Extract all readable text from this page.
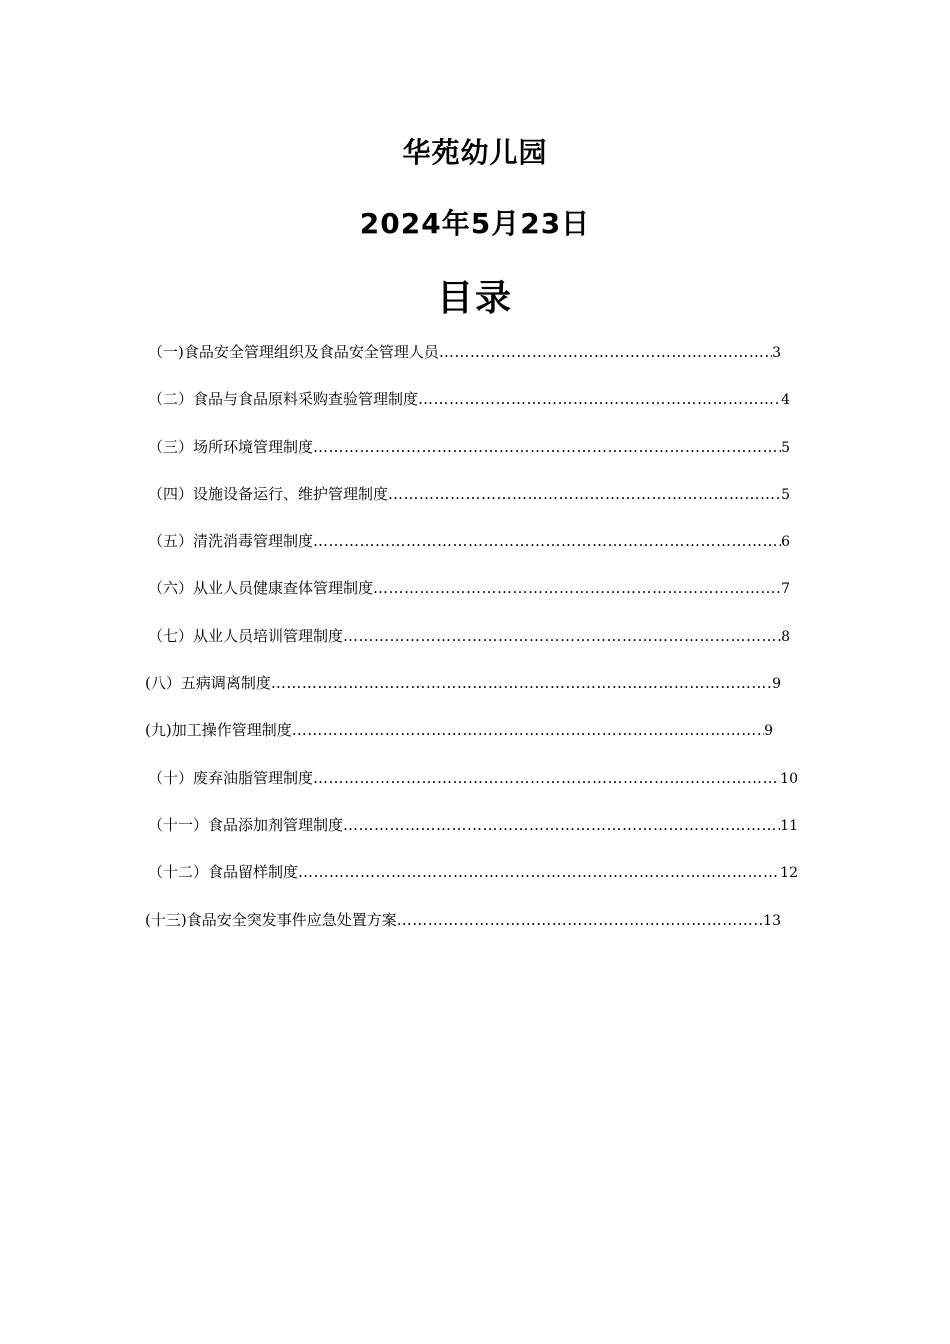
华苑幼儿园
2024年5月23日
目录
（一)食品安全管理组织及食品安全管理人员 …………………………………………………………………………………………………………………………………………………………………………………………………	3
（二）食品与食品原料采购查验管理制度 …………………………………………………………………………………………………………………………………………………………………………………………………	4
（三）场所环境管理制度 …………………………………………………………………………………………………………………………………………………………………………………………………	5
（四）设施设备运行、维护管理制度 …………………………………………………………………………………………………………………………………………………………………………………………………	5
（五）清洗消毒管理制度 …………………………………………………………………………………………………………………………………………………………………………………………………	6
（六）从业人员健康查体管理制度 …………………………………………………………………………………………………………………………………………………………………………………………………	7
（七）从业人员培训管理制度 …………………………………………………………………………………………………………………………………………………………………………………………………	8
(八）五病调离制度 …………………………………………………………………………………………………………………………………………………………………………………………………	9
(九)加工操作管理制度 …………………………………………………………………………………………………………………………………………………………………………………………………	9
（十）废弃油脂管理制度 …………………………………………………………………………………………………………………………………………………………………………………………………	10
（十一）食品添加剂管理制度 …………………………………………………………………………………………………………………………………………………………………………………………………	11
（十二）食品留样制度 …………………………………………………………………………………………………………………………………………………………………………………………………	12
(十三)食品安全突发事件应急处置方案 …………………………………………………………………………………………………………………………………………………………………………………………………	13
